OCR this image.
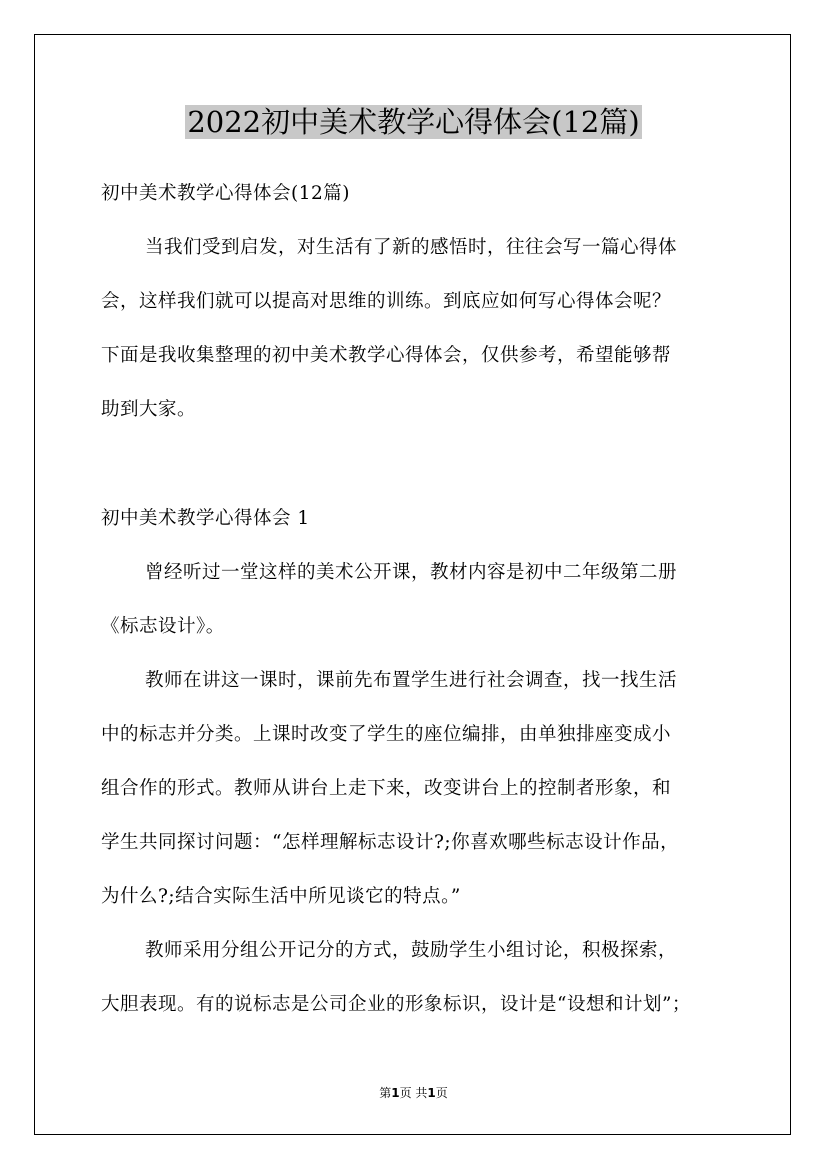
2022初中美术教学心得体会(12篇)
初中美术教学心得体会(12篇)
当我们受到启发，对生活有了新的感悟时，往往会写一篇心得体
会，这样我们就可以提高对思维的训练。到底应如何写心得体会呢？
下面是我收集整理的初中美术教学心得体会，仅供参考，希望能够帮
助到大家。
初中美术教学心得体会 1
曾经听过一堂这样的美术公开课，教材内容是初中二年级第二册
《标志设计》。
教师在讲这一课时，课前先布置学生进行社会调查，找一找生活
中的标志并分类。上课时改变了学生的座位编排，由单独排座变成小
组合作的形式。教师从讲台上走下来，改变讲台上的控制者形象，和
学生共同探讨问题：“怎样理解标志设计?;你喜欢哪些标志设计作品，
为什么?;结合实际生活中所见谈它的特点。”
教师采用分组公开记分的方式，鼓励学生小组讨论，积极探索，
大胆表现。有的说标志是公司企业的形象标识，设计是“设想和计划”；
第1页 共1页
